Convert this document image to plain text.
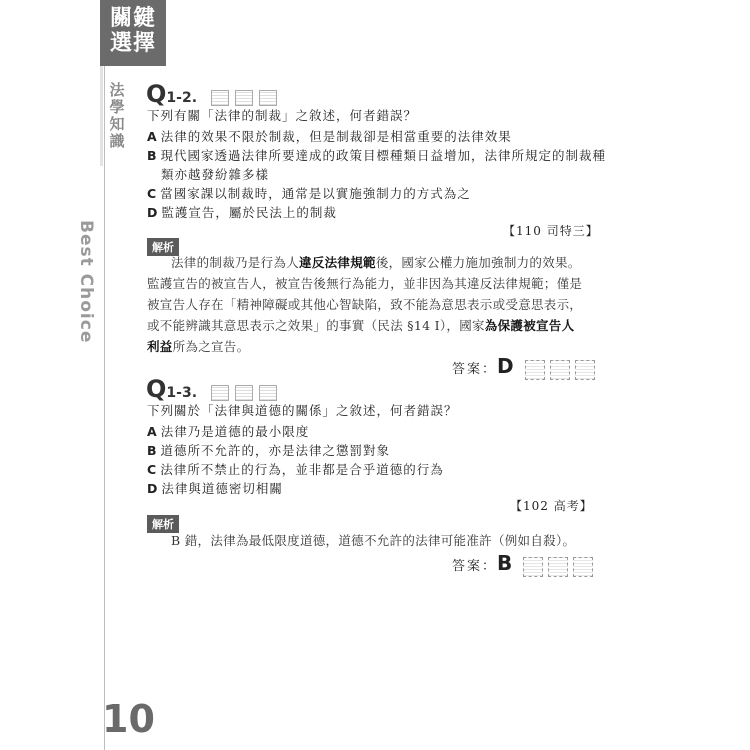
關鍵
選擇
法學知識
Best Choice
10
Q1-2.
下列有關「法律的制裁」之敘述，何者錯誤？
A 法律的效果不限於制裁，但是制裁卻是相當重要的法律效果
B 現代國家透過法律所要達成的政策目標種類日益增加，法律所規定的制裁種
類亦越發紛雜多樣
C 當國家課以制裁時，通常是以實施強制力的方式為之
D 監護宣告，屬於民法上的制裁
【110 司特三】
解析
法律的制裁乃是行為人違反法律規範後，國家公權力施加強制力的效果。
監護宣告的被宣告人，被宣告後無行為能力，並非因為其違反法律規範；僅是
被宣告人存在「精神障礙或其他心智缺陷，致不能為意思表示或受意思表示，
或不能辨識其意思表示之效果」的事實（民法 §14 Ⅰ），國家為保護被宣告人
利益所為之宣告。
答案：D
Q1-3.
下列關於「法律與道德的關係」之敘述，何者錯誤？
A 法律乃是道德的最小限度
B 道德所不允許的，亦是法律之懲罰對象
C 法律所不禁止的行為，並非都是合乎道德的行為
D 法律與道德密切相關
【102 高考】
解析
B 錯，法律為最低限度道德，道德不允許的法律可能准許（例如自殺）。
答案：B
